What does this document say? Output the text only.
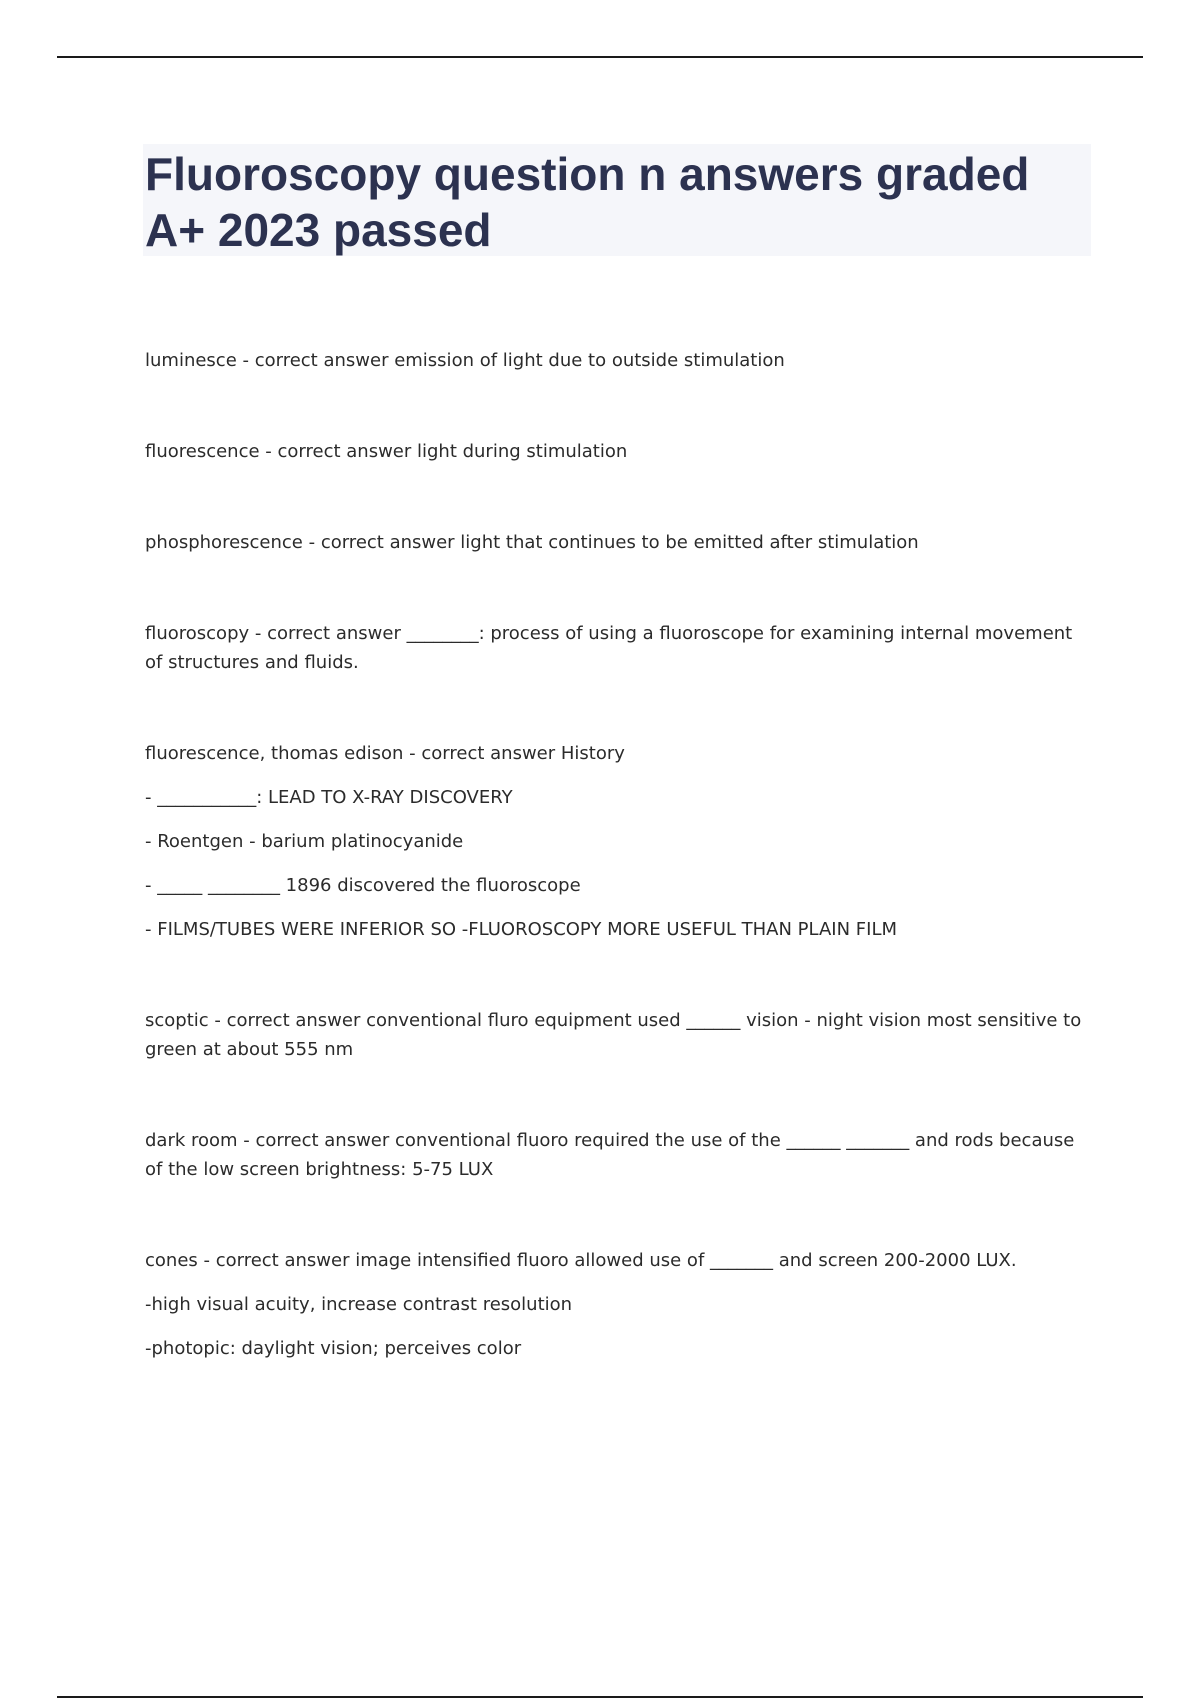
Fluoroscopy question n answers graded A+ 2023 passed

luminesce - correct answer emission of light due to outside stimulation

fluorescence - correct answer light during stimulation

phosphorescence - correct answer light that continues to be emitted after stimulation

fluoroscopy - correct answer ________: process of using a fluoroscope for examining internal movement of structures and fluids.

fluorescence, thomas edison - correct answer History

- ___________: LEAD TO X-RAY DISCOVERY

- Roentgen - barium platinocyanide

- _____ ________ 1896 discovered the fluoroscope

- FILMS/TUBES WERE INFERIOR SO -FLUOROSCOPY MORE USEFUL THAN PLAIN FILM

scoptic - correct answer conventional fluro equipment used ______ vision - night vision most sensitive to green at about 555 nm

dark room - correct answer conventional fluoro required the use of the ______ _______ and rods because of the low screen brightness: 5-75 LUX

cones - correct answer image intensified fluoro allowed use of _______ and screen 200-2000 LUX.

-high visual acuity, increase contrast resolution

-photopic: daylight vision; perceives color
